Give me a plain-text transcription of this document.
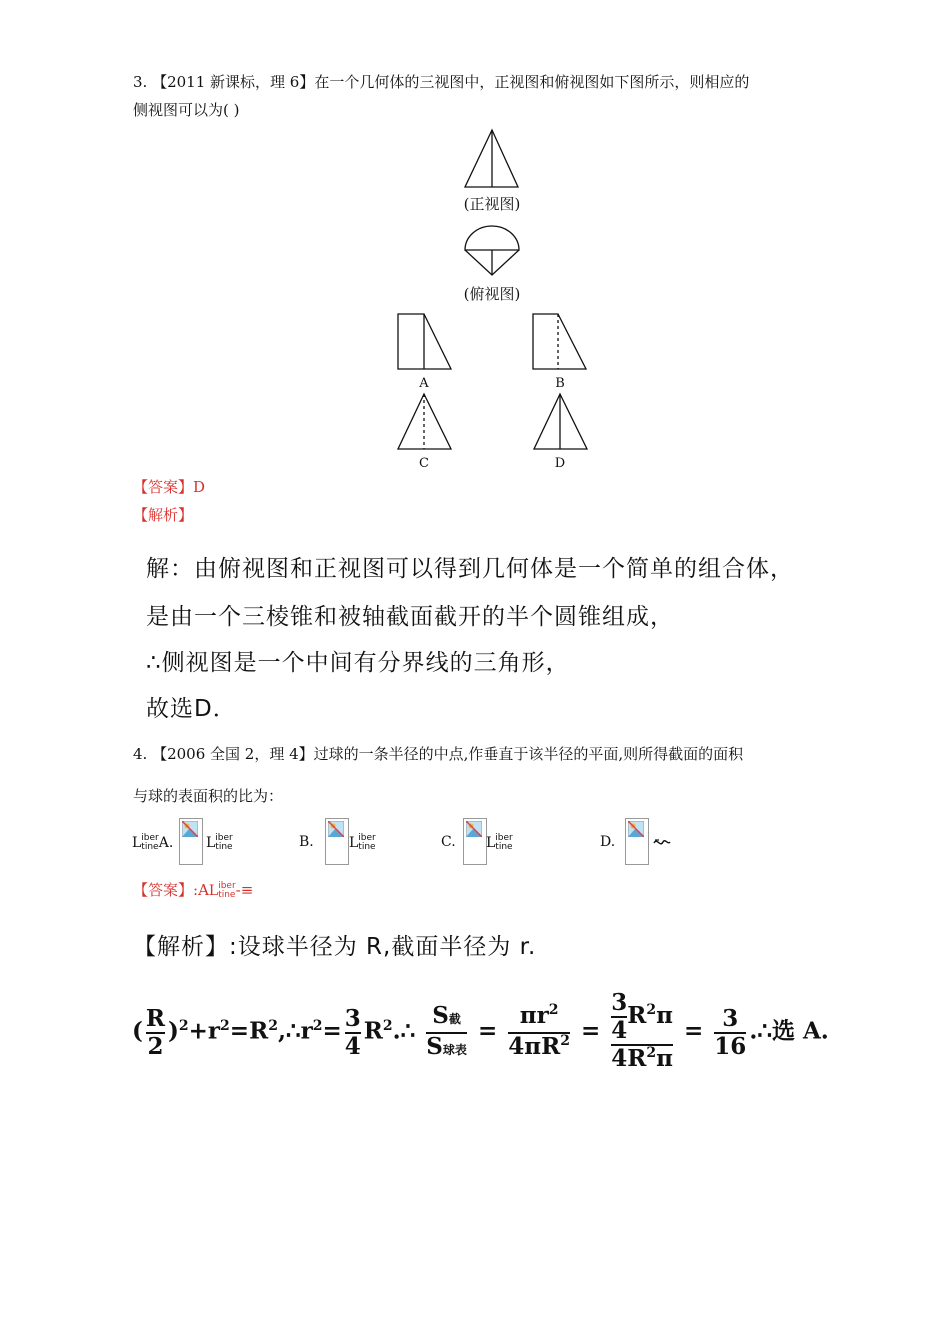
3. 【2011 新课标，理 6】在一个几何体的三视图中，正视图和俯视图如下图所示，则相应的
侧视图可以为( )
(正视图)
(俯视图)
A	B
C	D
【答案】D
【解析】
解：由俯视图和正视图可以得到几何体是一个简单的组合体，
是由一个三棱锥和被轴截面截开的半个圆锥组成，
∴侧视图是一个中间有分界线的三角形，
故选D．
4. 【2006 全国 2，理 4】过球的一条半径的中点,作垂直于该半径的平面,则所得截面的面积
与球的表面积的比为：
Liber
tineA. Liber
tine	B.	Liber
tine	C. Liber
tine	D.
【答案】:ALiber
tine-≡
【解析】:设球半径为 R,截面半径为 r.
( $\frac{R}{2}$ )$^2+r^2=R^2,\therefore r^2= \frac{3}{4}$ $R^2.\therefore \frac{\text{S截}}{\text{S球表}} = \frac{\pi r^2}{4\pi R^2} = \frac{\frac{3}{4} R^2\pi}{4R^2\pi} = \frac{3}{16}$ .∴选 A.
